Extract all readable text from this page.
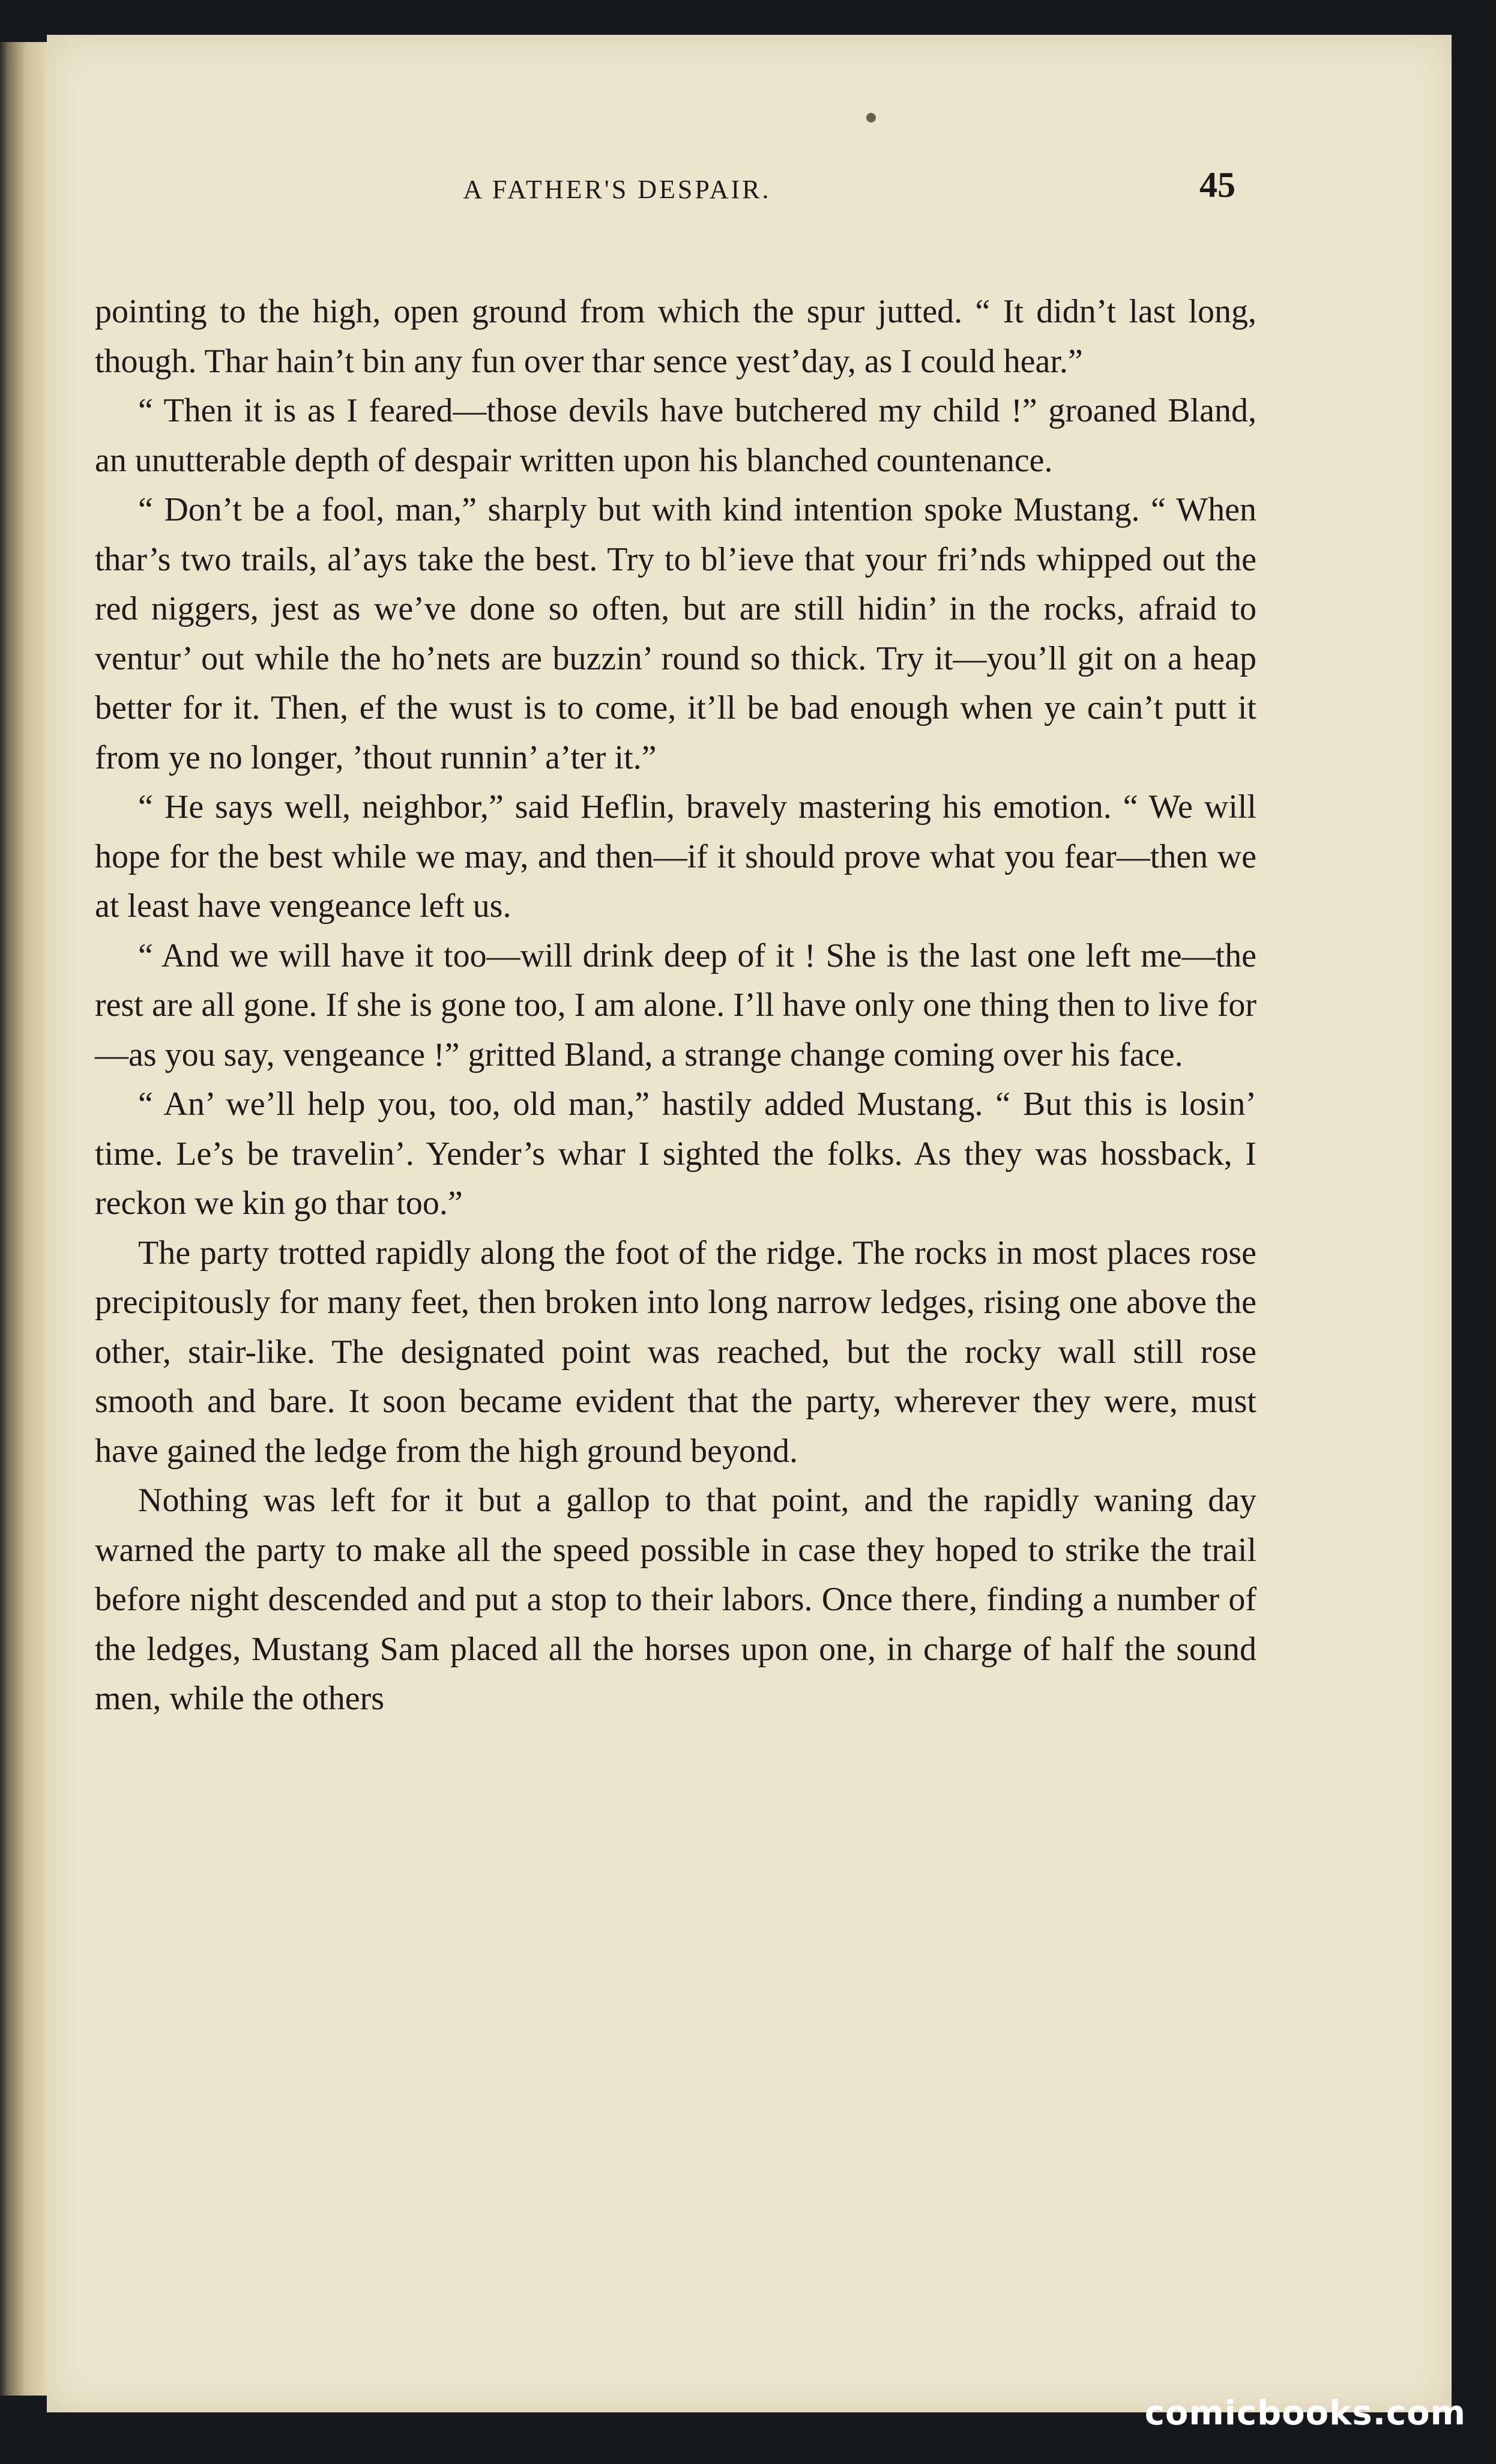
A FATHER'S DESPAIR.	45

pointing to the high, open ground from which the spur jutted. “ It didn’t last long, though. Thar hain’t bin any fun over thar sence yest’day, as I could hear.”

“ Then it is as I feared—those devils have butchered my child !” groaned Bland, an unutterable depth of despair written upon his blanched countenance.

“ Don’t be a fool, man,” sharply but with kind intention spoke Mustang. “ When thar’s two trails, al’ays take the best. Try to bl’ieve that your fri’nds whipped out the red niggers, jest as we’ve done so often, but are still hidin’ in the rocks, afraid to ventur’ out while the ho’nets are buzzin’ round so thick. Try it—you’ll git on a heap better for it. Then, ef the wust is to come, it’ll be bad enough when ye cain’t putt it from ye no longer, ’thout runnin’ a’ter it.”

“ He says well, neighbor,” said Heflin, bravely mastering his emotion. “ We will hope for the best while we may, and then—if it should prove what you fear—then we at least have vengeance left us.

“ And we will have it too—will drink deep of it ! She is the last one left me—the rest are all gone. If she is gone too, I am alone. I’ll have only one thing then to live for—as you say, vengeance !” gritted Bland, a strange change coming over his face.

“ An’ we’ll help you, too, old man,” hastily added Mustang. “ But this is losin’ time. Le’s be travelin’. Yender’s whar I sighted the folks. As they was hossback, I reckon we kin go thar too.”

The party trotted rapidly along the foot of the ridge. The rocks in most places rose precipitously for many feet, then broken into long narrow ledges, rising one above the other, stair-like. The designated point was reached, but the rocky wall still rose smooth and bare. It soon became evident that the party, wherever they were, must have gained the ledge from the high ground beyond.

Nothing was left for it but a gallop to that point, and the rapidly waning day warned the party to make all the speed possible in case they hoped to strike the trail before night descended and put a stop to their labors. Once there, finding a number of the ledges, Mustang Sam placed all the horses upon one, in charge of half the sound men, while the others

comicbooks.com
